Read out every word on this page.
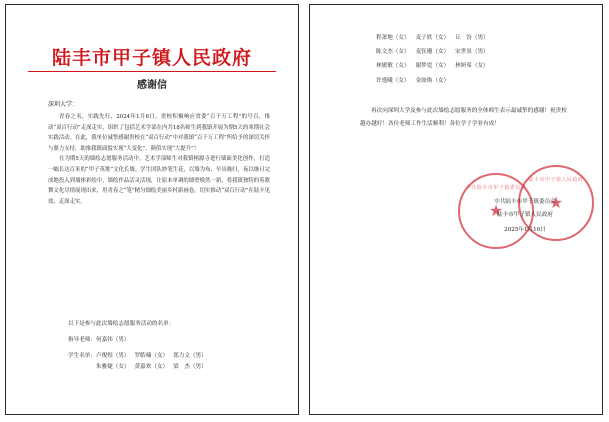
陆丰市甲子镇人民政府
感谢信
深圳大学：

青春之名，实践先行，2024年1月6日，贵校积极响应省委“百千万工程”的号召，推动“双百行动”走深走实，组织了包括艺术学部在内共18名师生到我镇开展为期5天的寒期社会实践活动。在此，我单位诚挚感谢贵校在“双百行动”中对我镇“百千万工程”所给予的深切关怀与鼎力支持，助推我镇面貌实现“大变化”，颜值实现“大提升”！

在为期5天的墙绘志愿服务活动中，艺术学部师生对我镇榕源寺进行墙面美化创作，打造一幅长达百米的“甲子英歌”文化长墙。学生团队妙笔生花，以墙为布，早出晚归，夜以继日完成地投入到墙体彩绘中，墙绘作品活灵活现，让原本单调的墙壁焕然一新，将我镇独特的英歌舞文化尽情展现出来，用青春之“笔”精匀细绘美丽乡村新画卷，切实推动“双百行动”在陆丰见效、走深走实。

以下是参与此次墙绘志愿服务活动的名单：
指导老师：何嘉伟（男）
学生名单：卢俊煜（男） 罗皓楠（女） 郑力文（男）
朱雅婕（女） 黄嘉欢（女） 梁　杰（男）
程萧地（女） 麦子欣（女） 丘　汾（男）
陈文杰（女） 麦钰珊（女） 宋世景（男）
林敏敏（女） 谢梦霓（女） 林妍希（女）
许逸曦（女） 金如焕（女）

再次向深圳大学及参与此次墙绘志愿服务的全体师生表示最诚挚的感谢！祝贵校越办越好！各位老师工作生活顺利！各位学子学业有成！

中共陆丰市甲子镇委员会
★
陆丰市甲子镇人民政府
★
中共陆丰市甲子镇委员会
陆丰市甲子镇人民政府
2025年1月10日
